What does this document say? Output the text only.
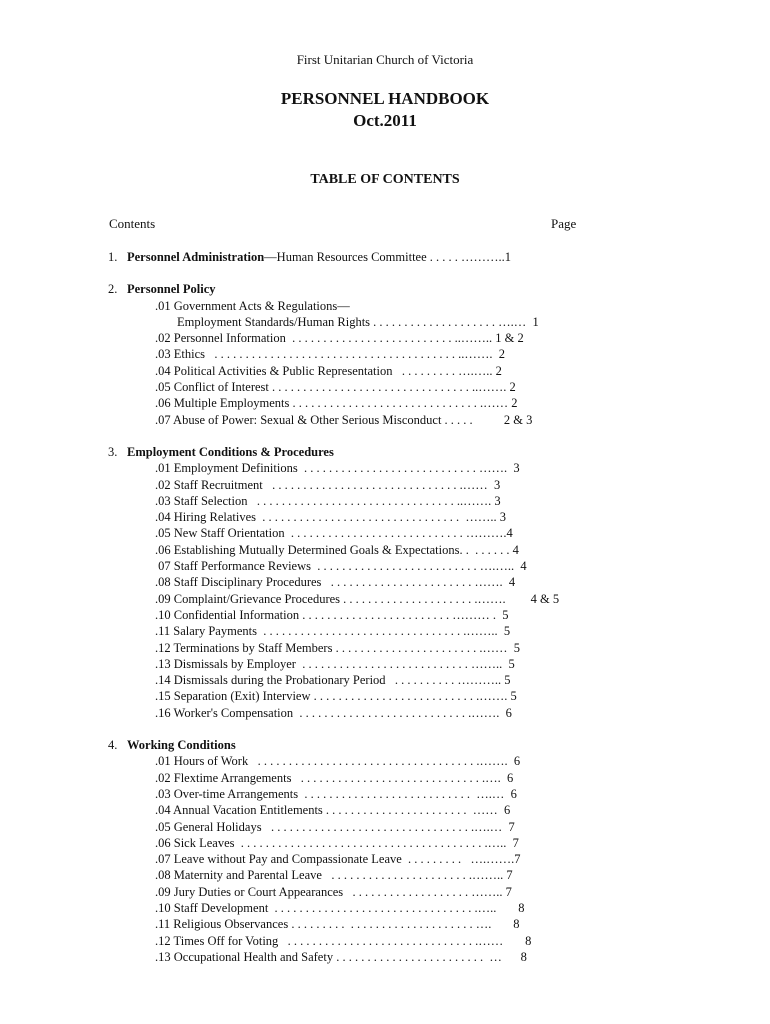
First Unitarian Church of Victoria
PERSONNEL HANDBOOK
Oct.2011
TABLE OF CONTENTS
Contents	Page
1. Personnel Administration—Human Resources Committee . . . . . ………..1
2. Personnel Policy
.01 Government Acts & Regulations—
Employment Standards/Human Rights . . . . . . . . . . . . . . . . . . . . ….…  1
.02 Personnel Information  . . . . . . . . . . . . . . . . . . . . . . . . . . ..…….. 1 & 2
.03 Ethics   . . . . . . . . . . . . . . . . . . . . . . . . . . . . . . . . . . . . . . . ..…….  2
.04 Political Activities & Public Representation   . . . . . . . . . ….….. 2
.05 Conflict of Interest . . . . . . . . . . . . . . . . . . . . . . . . . . . . . . . . ..……. 2
.06 Multiple Employments . . . . . . . . . . . . . . . . . . . . . . . . . . . . . . .…… 2
.07 Abuse of Power: Sexual & Other Serious Misconduct . . . . .          2 & 3
3. Employment Conditions & Procedures
.01 Employment Definitions  . . . . . . . . . . . . . . . . . . . . . . . . . . . . …….  3
.02 Staff Recruitment   . . . . . . . . . . . . . . . . . . . . . . . . . . . . . . .……  3
.03 Staff Selection   . . . . . . . . . . . . . . . . . . . . . . . . . . . . . . . . ..……. 3
.04 Hiring Relatives  . . . . . . . . . . . . . . . . . . . . . . . . . . . . . . . .  …….. 3
.05 New Staff Orientation  . . . . . . . . . . . . . . . . . . . . . . . . . . . . ……….4
.06 Establishing Mutually Determined Goals & Expectations. .  . . . . . . 4
07 Staff Performance Reviews  . . . . . . . . . . . . . . . . . . . . . . . . . . ….…..  4
.08 Staff Disciplinary Procedures   . . . . . . . . . . . . . . . . . . . . . . . …….  4
.09 Complaint/Grievance Procedures . . . . . . . . . . . . . . . . . . . . . .…….        4 & 5
.10 Confidential Information . . . . . . . . . . . . . . . . . . . . . . . . ……… .  5
.11 Salary Payments  . . . . . . . . . . . . . . . . . . . . . . . . . . . . . . . . .……..  5
.12 Terminations by Staff Members . . . . . . . . . . . . . . . . . . . . . . . .……  5
.13 Dismissals by Employer  . . . . . . . . . . . . . . . . . . . . . . . . . . . ……..  5
.14 Dismissals during the Probationary Period   . . . . . . . . . . ……….. 5
.15 Separation (Exit) Interview . . . . . . . . . . . . . . . . . . . . . . . . . . .……. 5
.16 Worker's Compensation  . . . . . . . . . . . . . . . . . . . . . . . . . . . .…….  6
4. Working Conditions
.01 Hours of Work   . . . . . . . . . . . . . . . . . . . . . . . . . . . . . . . . . . . .…….  6
.02 Flextime Arrangements   . . . . . . . . . . . . . . . . . . . . . . . . . . . . . .….  6
.03 Over-time Arrangements  . . . . . . . . . . . . . . . . . . . . . . . . . . .  ….…  6
.04 Annual Vacation Entitlements . . . . . . . . . . . . . . . . . . . . . . .  ……  6
.05 General Holidays   . . . . . . . . . . . . . . . . . . . . . . . . . . . . . . . . .….…  7
.06 Sick Leaves  . . . . . . . . . . . . . . . . . . . . . . . . . . . . . . . . . . . . . . . .…..  7
.07 Leave without Pay and Compassionate Leave  . . . . . . . . .   ….…….7
.08 Maternity and Parental Leave   . . . . . . . . . . . . . . . . . . . . . . .…….. 7
.09 Jury Duties or Court Appearances   . . . . . . . . . . . . . . . . . . . …….. 7
.10 Staff Development  . . . . . . . . . . . . . . . . . . . . . . . . . . . . . . . . .…..       8
.11 Religious Observances . . . . . . . . .  . . . . . . . . . . . . . . . . . . . . ….       8
.12 Times Off for Voting   . . . . . . . . . . . . . . . . . . . . . . . . . . . . . . .……       8
.13 Occupational Health and Safety . . . . . . . . . . . . . . . . . . . . . . . .  …      8
